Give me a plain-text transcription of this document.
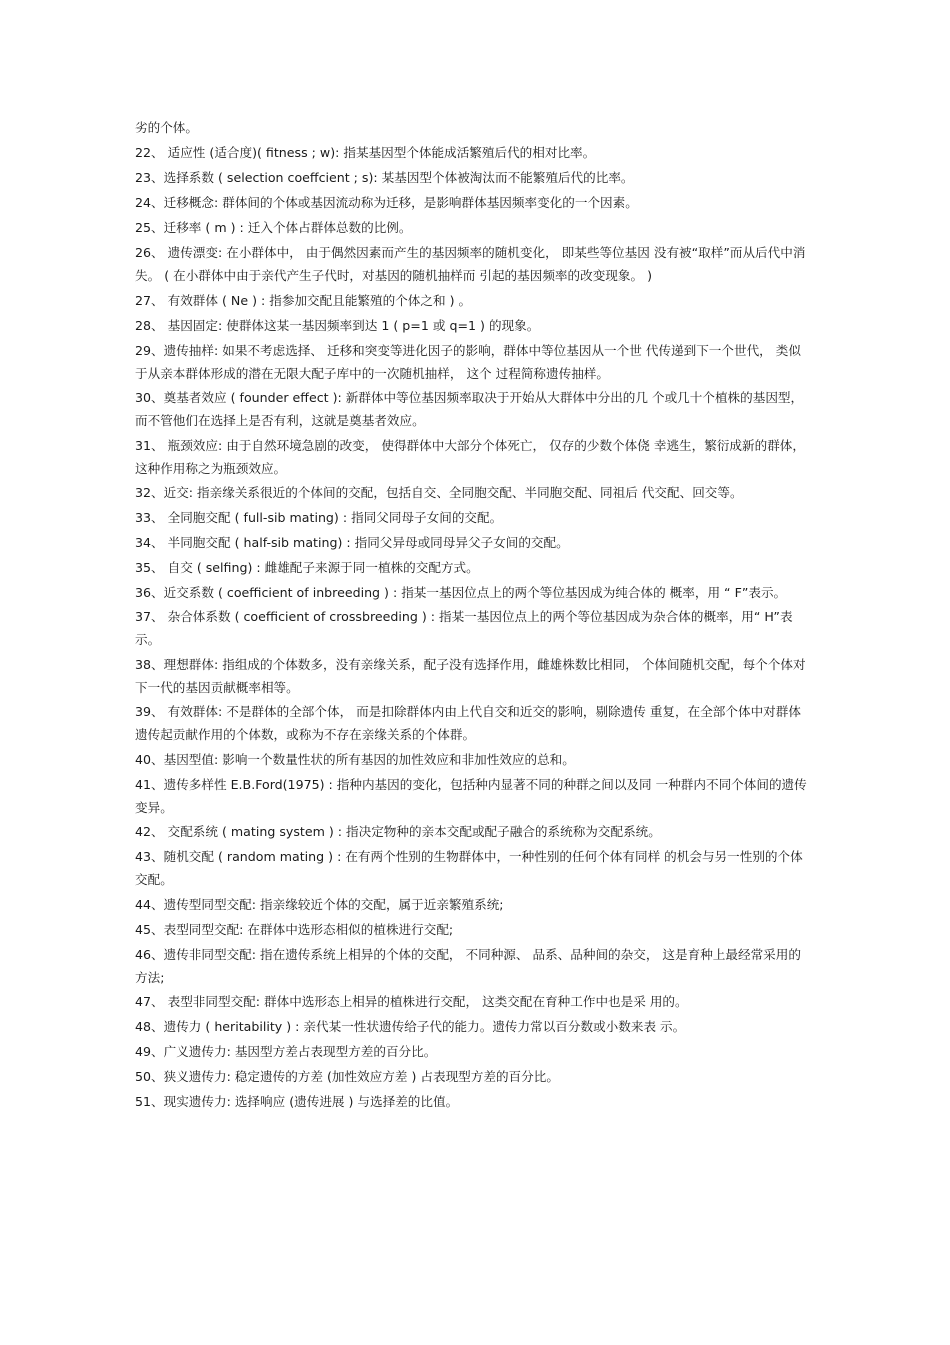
劣的个体。

22、 适应性 (适合度)( fitness ; w): 指某基因型个体能成活繁殖后代的相对比率。

23、选择系数 ( selection coeffcient ; s): 某基因型个体被淘汰而不能繁殖后代的比率。

24、迁移概念: 群体间的个体或基因流动称为迁移，是影响群体基因频率变化的一个因素。

25、迁移率 ( m ) : 迁入个体占群体总数的比例。

26、 遗传漂变: 在小群体中， 由于偶然因素而产生的基因频率的随机变化， 即某些等位基因 没有被“取样”而从后代中消失。 ( 在小群体中由于亲代产生子代时，对基因的随机抽样而 引起的基因频率的改变现象。 )

27、 有效群体 ( Ne ) : 指参加交配且能繁殖的个体之和 ) 。

28、 基因固定: 使群体这某一基因频率到达 1 ( p=1 或 q=1 ) 的现象。

29、遗传抽样: 如果不考虑选择、 迁移和突变等进化因子的影响，群体中等位基因从一个世 代传递到下一个世代， 类似于从亲本群体形成的潜在无限大配子库中的一次随机抽样， 这个 过程简称遗传抽样。

30、奠基者效应 ( founder effect ): 新群体中等位基因频率取决于开始从大群体中分出的几 个或几十个植株的基因型，而不管他们在选择上是否有利，这就是奠基者效应。

31、 瓶颈效应: 由于自然环境急剧的改变， 使得群体中大部分个体死亡， 仅存的少数个体侥 幸逃生，繁衍成新的群体，这种作用称之为瓶颈效应。

32、近交: 指亲缘关系很近的个体间的交配，包括自交、全同胞交配、半同胞交配、同祖后 代交配、回交等。

33、 全同胞交配 ( full-sib mating) : 指同父同母子女间的交配。

34、 半同胞交配 ( half-sib mating) : 指同父异母或同母异父子女间的交配。

35、 自交 ( selfing) : 雌雄配子来源于同一植株的交配方式。

36、近交系数 ( coefficient of inbreeding ) : 指某一基因位点上的两个等位基因成为纯合体的 概率，用 “ F”表示。

37、 杂合体系数 ( coefficient of crossbreeding ) : 指某一基因位点上的两个等位基因成为杂合体的概率，用“ H”表示。

38、理想群体: 指组成的个体数多，没有亲缘关系，配子没有选择作用，雌雄株数比相同， 个体间随机交配，每个个体对下一代的基因贡献概率相等。

39、 有效群体: 不是群体的全部个体， 而是扣除群体内由上代自交和近交的影响，剔除遗传 重复，在全部个体中对群体遗传起贡献作用的个体数，或称为不存在亲缘关系的个体群。

40、基因型值: 影响一个数量性状的所有基因的加性效应和非加性效应的总和。

41、遗传多样性 E.B.Ford(1975) : 指种内基因的变化，包括种内显著不同的种群之间以及同 一种群内不同个体间的遗传变异。

42、 交配系统 ( mating system ) : 指决定物种的亲本交配或配子融合的系统称为交配系统。

43、随机交配 ( random mating ) : 在有两个性别的生物群体中，一种性别的任何个体有同样 的机会与另一性别的个体交配。

44、遗传型同型交配: 指亲缘较近个体的交配，属于近亲繁殖系统;

45、表型同型交配: 在群体中选形态相似的植株进行交配;

46、遗传非同型交配: 指在遗传系统上相异的个体的交配， 不同种源、 品系、品种间的杂交， 这是育种上最经常采用的方法;

47、 表型非同型交配: 群体中选形态上相异的植株进行交配， 这类交配在育种工作中也是采 用的。

48、遗传力 ( heritability ) : 亲代某一性状遗传给子代的能力。遗传力常以百分数或小数来表 示。

49、广义遗传力: 基因型方差占表现型方差的百分比。

50、狭义遗传力: 稳定遗传的方差 (加性效应方差 ) 占表现型方差的百分比。

51、现实遗传力: 选择响应 (遗传进展 ) 与选择差的比值。
